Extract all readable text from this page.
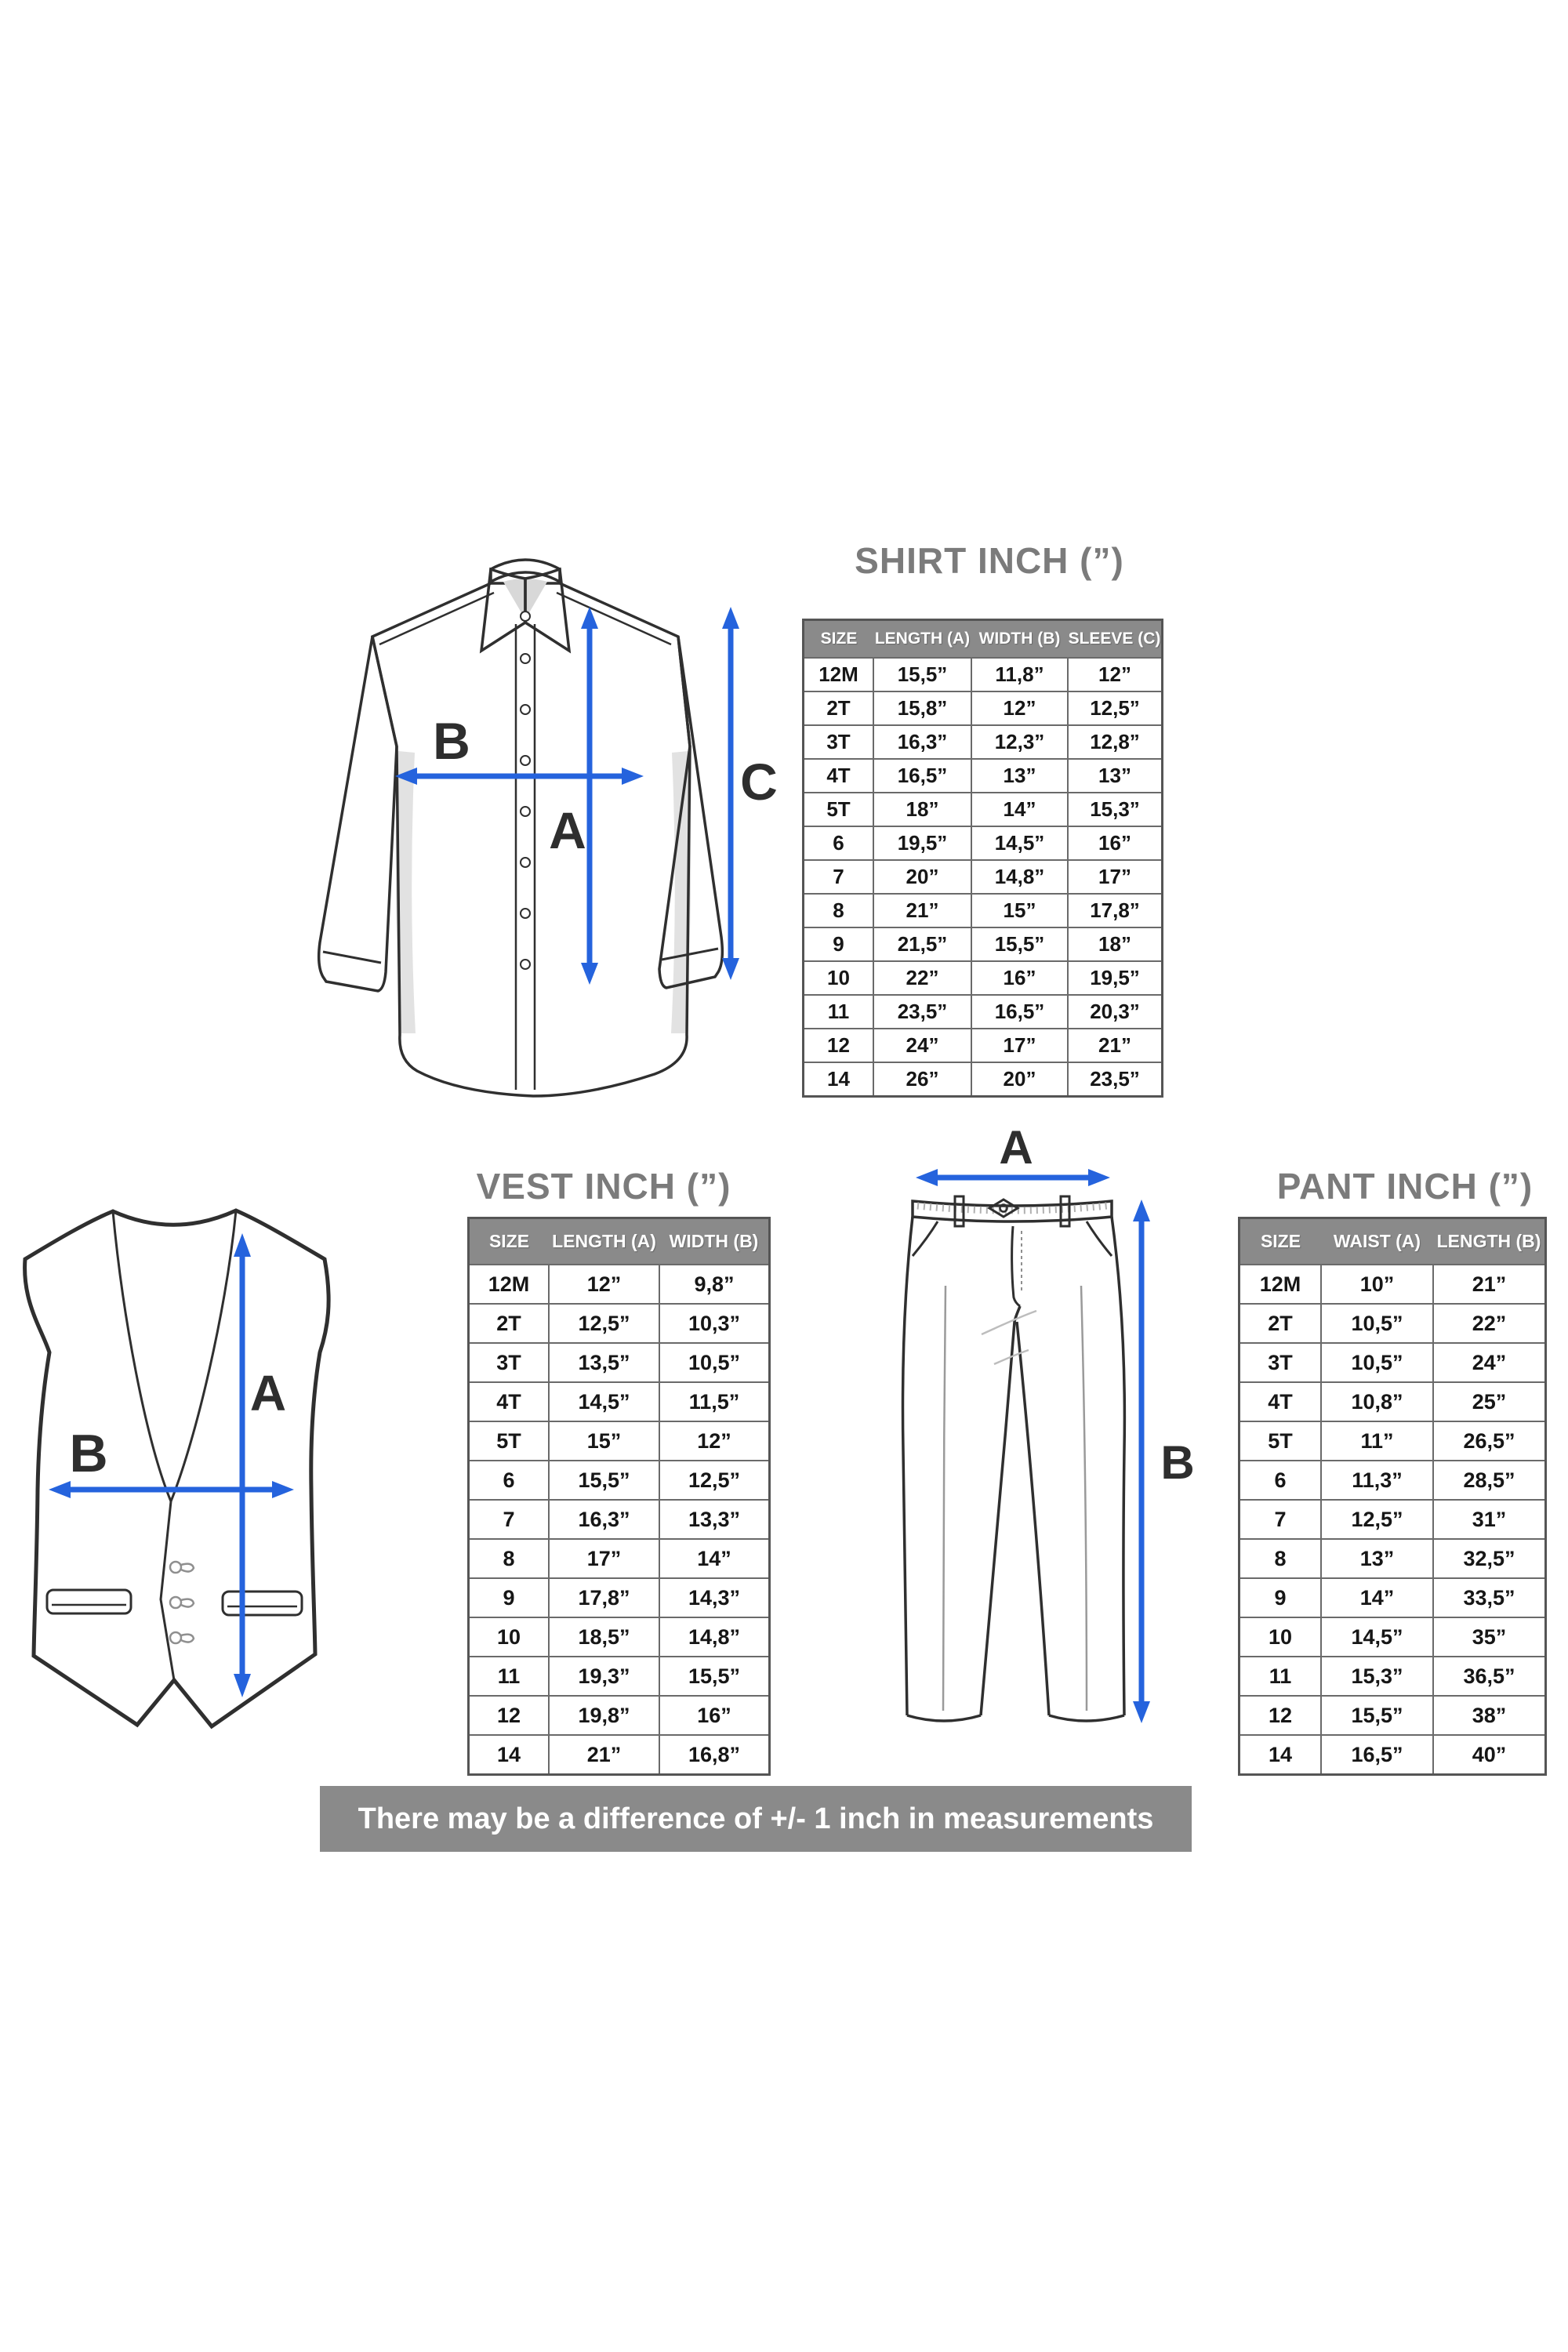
A
B
C
SHIRT INCH (”)
SIZE	LENGTH (A)	WIDTH (B)	SLEEVE (C)
12M	15,5”	11,8”	12”
2T	15,8”	12”	12,5”
3T	16,3”	12,3”	12,8”
4T	16,5”	13”	13”
5T	18”	14”	15,3”
6	19,5”	14,5”	16”
7	20”	14,8”	17”
8	21”	15”	17,8”
9	21,5”	15,5”	18”
10	22”	16”	19,5”
11	23,5”	16,5”	20,3”
12	24”	17”	21”
14	26”	20”	23,5”
A
B
VEST INCH (”)
SIZE	LENGTH (A)	WIDTH (B)
12M	12”	9,8”
2T	12,5”	10,3”
3T	13,5”	10,5”
4T	14,5”	11,5”
5T	15”	12”
6	15,5”	12,5”
7	16,3”	13,3”
8	17”	14”
9	17,8”	14,3”
10	18,5”	14,8”
11	19,3”	15,5”
12	19,8”	16”
14	21”	16,8”
A
B
PANT INCH (”)
SIZE	WAIST (A)	LENGTH (B)
12M	10”	21”
2T	10,5”	22”
3T	10,5”	24”
4T	10,8”	25”
5T	11”	26,5”
6	11,3”	28,5”
7	12,5”	31”
8	13”	32,5”
9	14”	33,5”
10	14,5”	35”
11	15,3”	36,5”
12	15,5”	38”
14	16,5”	40”
There may be a difference of +/- 1 inch in measurements
